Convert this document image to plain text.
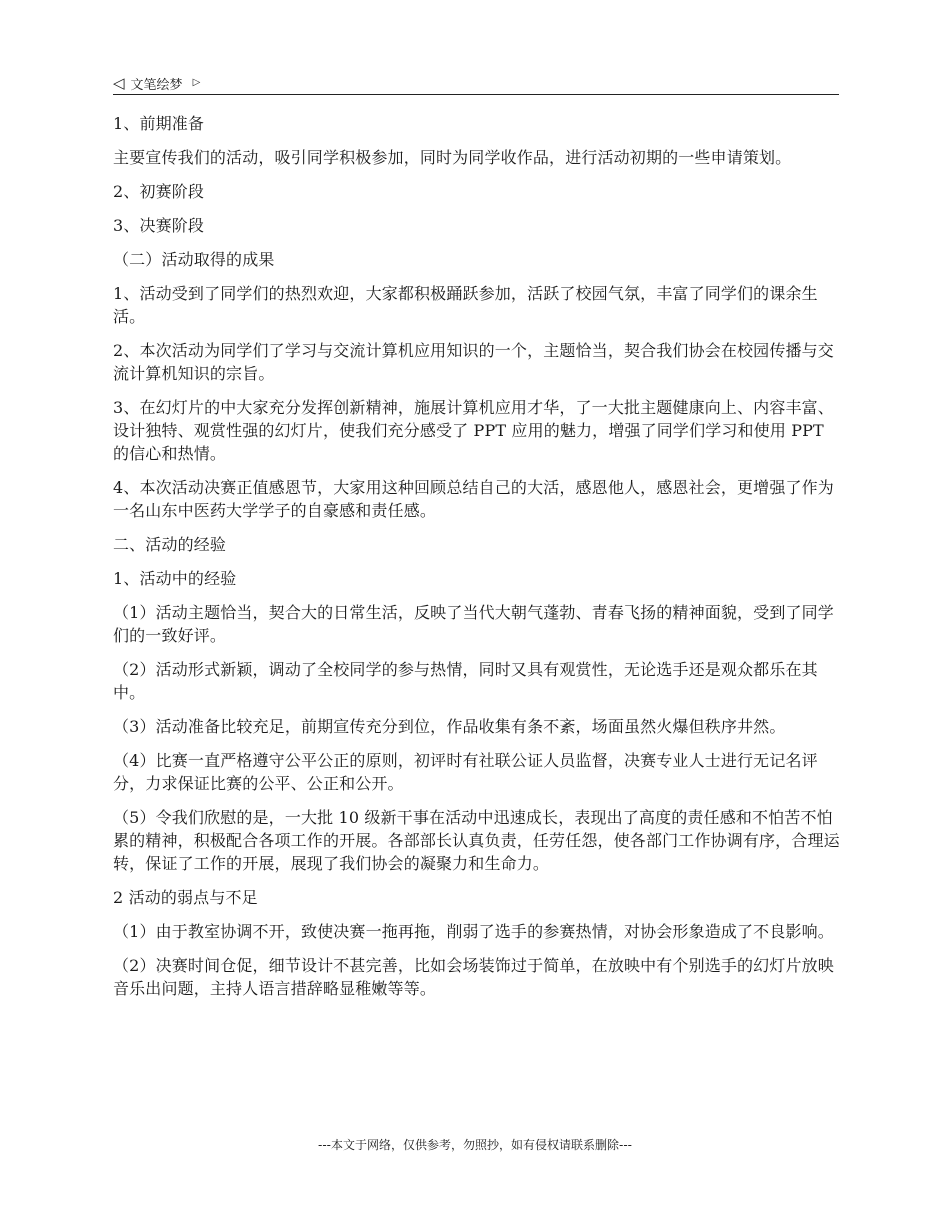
◁ 文笔绘梦 ▷

1、前期准备

主要宣传我们的活动，吸引同学积极参加，同时为同学收作品，进行活动初期的一些申请策划。

2、初赛阶段

3、决赛阶段

（二）活动取得的成果

1、活动受到了同学们的热烈欢迎，大家都积极踊跃参加，活跃了校园气氛，丰富了同学们的课余生活。

2、本次活动为同学们了学习与交流计算机应用知识的一个，主题恰当，契合我们协会在校园传播与交流计算机知识的宗旨。

3、在幻灯片的中大家充分发挥创新精神，施展计算机应用才华，了一大批主题健康向上、内容丰富、设计独特、观赏性强的幻灯片，使我们充分感受了 PPT 应用的魅力，增强了同学们学习和使用 PPT 的信心和热情。

4、本次活动决赛正值感恩节，大家用这种回顾总结自己的大活，感恩他人，感恩社会，更增强了作为一名山东中医药大学学子的自豪感和责任感。

二、活动的经验

1、活动中的经验

（1）活动主题恰当，契合大的日常生活，反映了当代大朝气蓬勃、青春飞扬的精神面貌，受到了同学们的一致好评。

（2）活动形式新颖，调动了全校同学的参与热情，同时又具有观赏性，无论选手还是观众都乐在其中。

（3）活动准备比较充足，前期宣传充分到位，作品收集有条不紊，场面虽然火爆但秩序井然。

（4）比赛一直严格遵守公平公正的原则，初评时有社联公证人员监督，决赛专业人士进行无记名评分，力求保证比赛的公平、公正和公开。

（5）令我们欣慰的是，一大批 10 级新干事在活动中迅速成长，表现出了高度的责任感和不怕苦不怕累的精神，积极配合各项工作的开展。各部部长认真负责，任劳任怨，使各部门工作协调有序，合理运转，保证了工作的开展，展现了我们协会的凝聚力和生命力。

2 活动的弱点与不足

（1）由于教室协调不开，致使决赛一拖再拖，削弱了选手的参赛热情，对协会形象造成了不良影响。

（2）决赛时间仓促，细节设计不甚完善，比如会场装饰过于简单，在放映中有个别选手的幻灯片放映音乐出问题，主持人语言措辞略显稚嫩等等。

---本文于网络，仅供参考，勿照抄，如有侵权请联系删除---
